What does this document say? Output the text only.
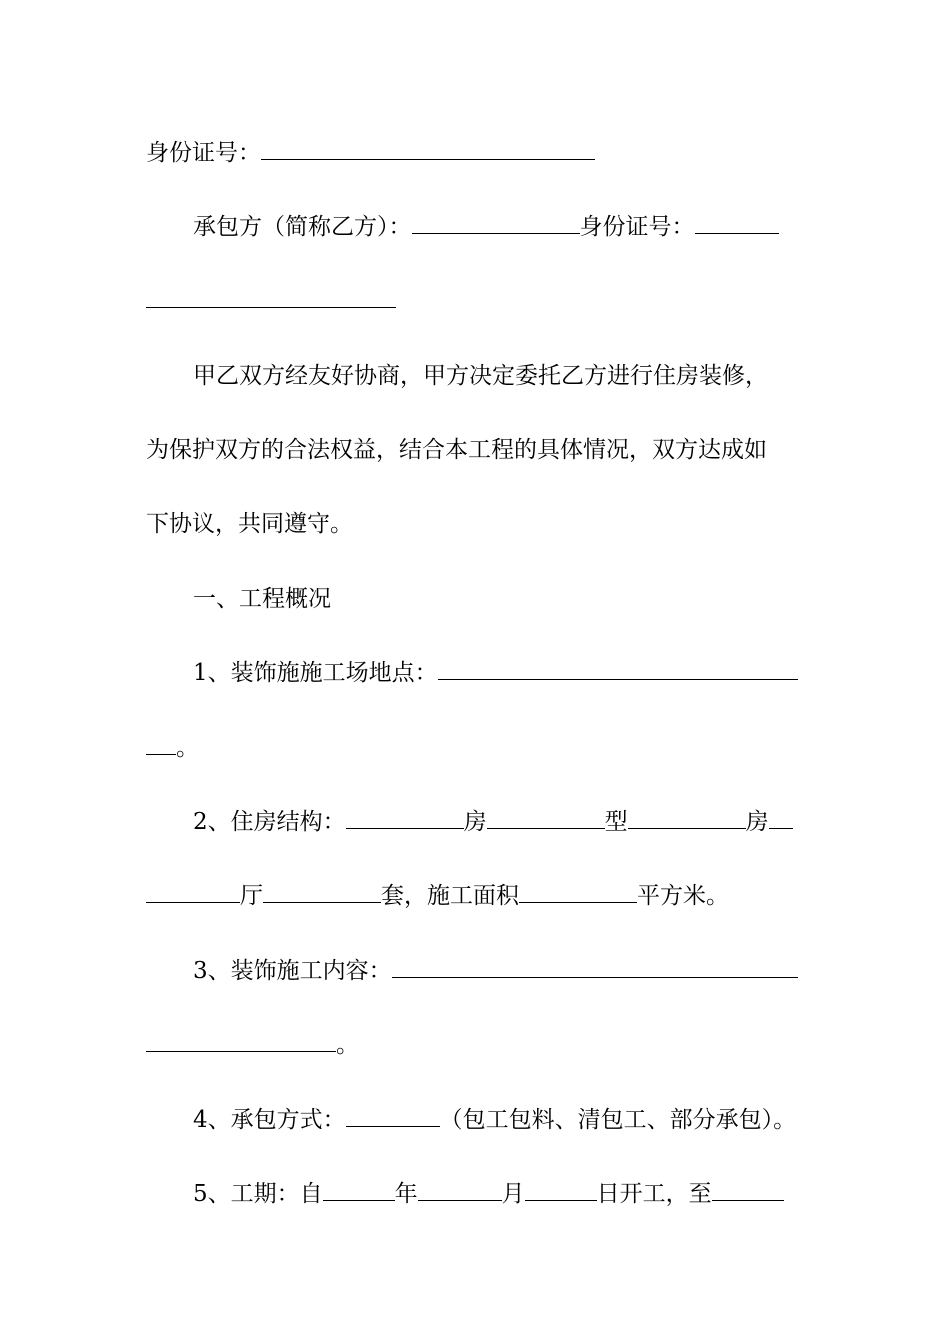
身份证号：
承包方（简称乙方）：	身份证号：
甲乙双方经友好协商，甲方决定委托乙方进行住房装修，
为保护双方的合法权益，结合本工程的具体情况，双方达成如
下协议，共同遵守。
一、工程概况
1、装饰施施工场地点：
。
2、住房结构：	房	型	房
厅	套，施工面积	平方米。
3、装饰施工内容：
。
4、承包方式：	（包工包料、清包工、部分承包）。
5、工期：自	年	月	日开工，至
